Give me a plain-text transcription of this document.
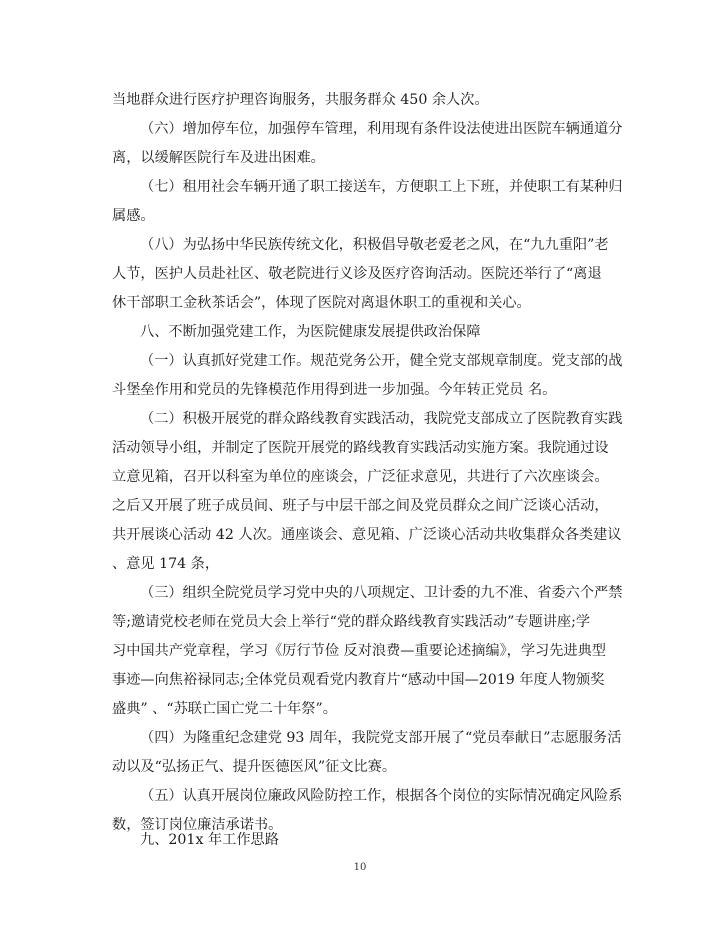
当地群众进行医疗护理咨询服务，共服务群众 450 余人次。

（六）增加停车位，加强停车管理，利用现有条件设法使进出医院车辆通道分
离，以缓解医院行车及进出困难。

（七）租用社会车辆开通了职工接送车，方便职工上下班，并使职工有某种归
属感。

（八）为弘扬中华民族传统文化，积极倡导敬老爱老之风，在“九九重阳”老
人节，医护人员赴社区、敬老院进行义诊及医疗咨询活动。医院还举行了“离退
休干部职工金秋茶话会”，体现了医院对离退休职工的重视和关心。

八、不断加强党建工作，为医院健康发展提供政治保障

（一）认真抓好党建工作。规范党务公开，健全党支部规章制度。党支部的战
斗堡垒作用和党员的先锋模范作用得到进一步加强。今年转正党员 名。

（二）积极开展党的群众路线教育实践活动，我院党支部成立了医院教育实践
活动领导小组，并制定了医院开展党的路线教育实践活动实施方案。我院通过设
立意见箱，召开以科室为单位的座谈会，广泛征求意见，共进行了六次座谈会。
之后又开展了班子成员间、班子与中层干部之间及党员群众之间广泛谈心活动，
共开展谈心活动 42 人次。通座谈会、意见箱、广泛谈心活动共收集群众各类建议
、意见 174 条，

（三）组织全院党员学习党中央的八项规定、卫计委的九不准、省委六个严禁
等;邀请党校老师在党员大会上举行“党的群众路线教育实践活动”专题讲座;学
习中国共产党章程，学习《厉行节俭 反对浪费—重要论述摘编》，学习先进典型
事迹—向焦裕禄同志;全体党员观看党内教育片“感动中国—2019 年度人物颁奖
盛典” 、“苏联亡国亡党二十年祭”。

（四）为隆重纪念建党 93 周年，我院党支部开展了“党员奉献日”志愿服务活
动以及“弘扬正气、提升医德医风”征文比赛。

（五）认真开展岗位廉政风险防控工作，根据各个岗位的实际情况确定风险系
数，签订岗位廉洁承诺书。

10
九、201x 年工作思路
